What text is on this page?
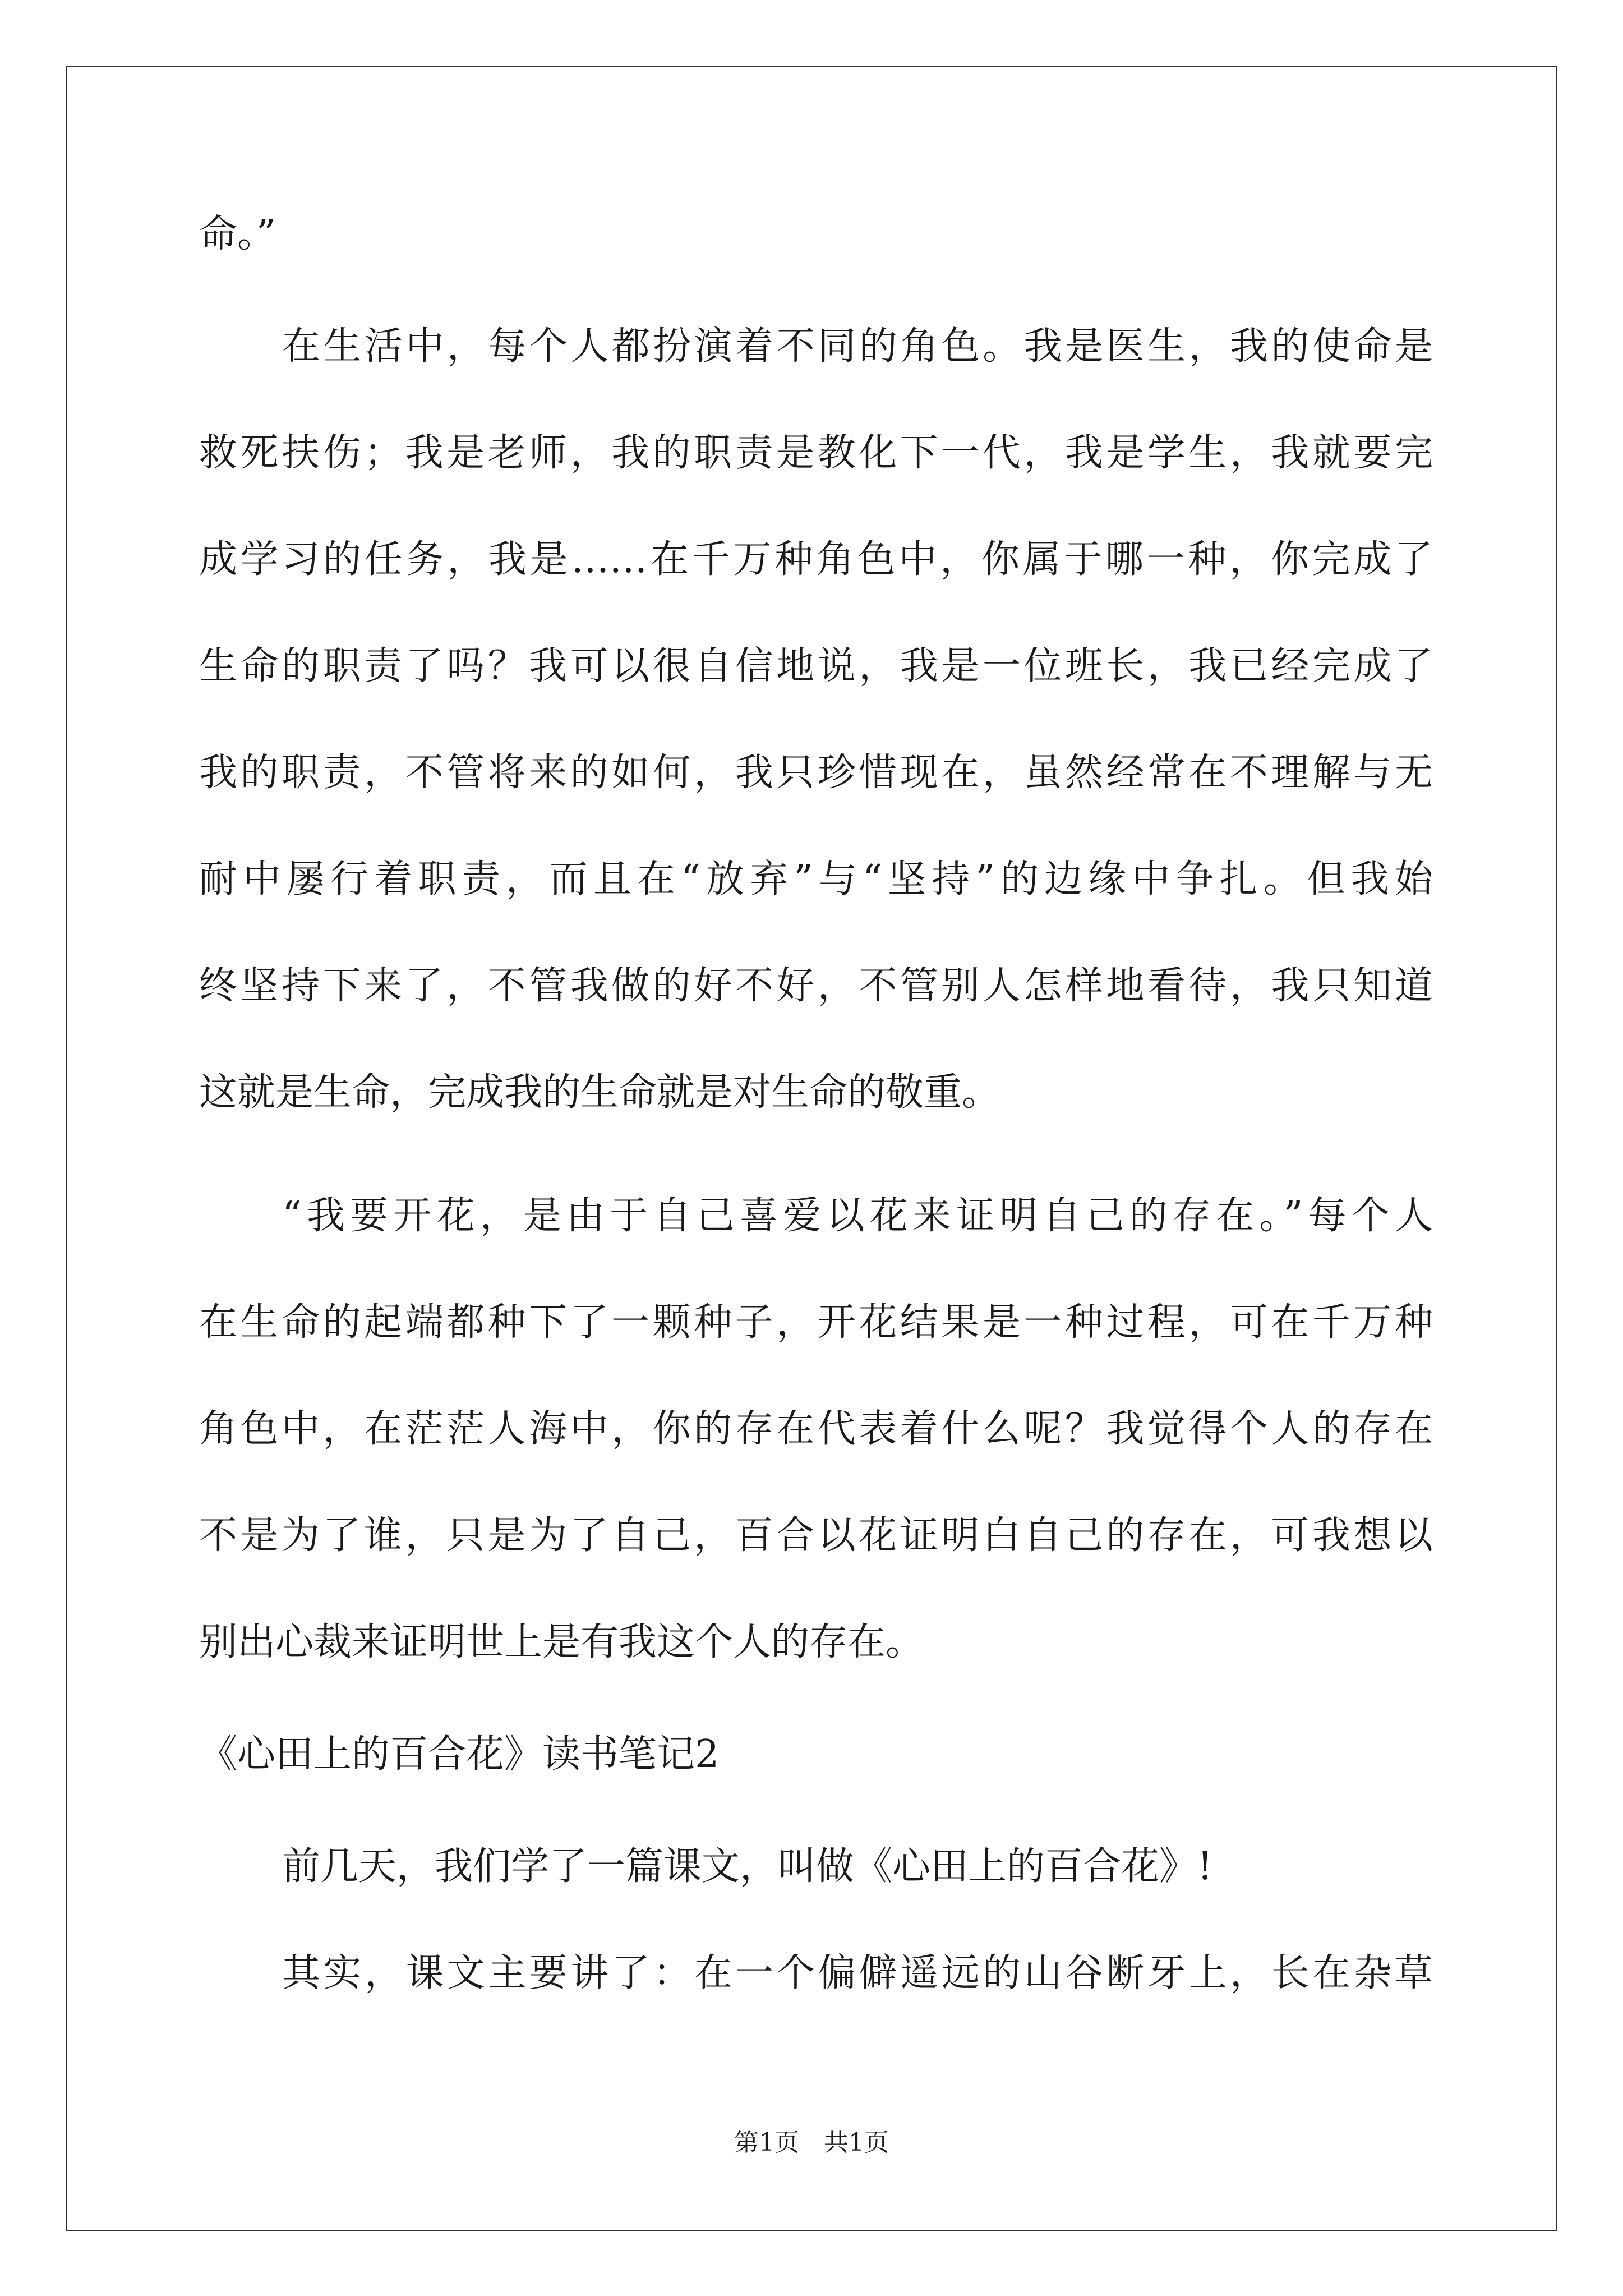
命。”
在生活中，每个人都扮演着不同的角色。我是医生，我的使命是
救死扶伤；我是老师，我的职责是教化下一代，我是学生，我就要完
成学习的任务，我是……在千万种角色中，你属于哪一种，你完成了
生命的职责了吗？我可以很自信地说，我是一位班长，我已经完成了
我的职责，不管将来的如何，我只珍惜现在，虽然经常在不理解与无
耐中屡行着职责，而且在“放弃”与“坚持”的边缘中争扎。但我始
终坚持下来了，不管我做的好不好，不管别人怎样地看待，我只知道
这就是生命，完成我的生命就是对生命的敬重。
“我要开花，是由于自己喜爱以花来证明自己的存在。”每个人
在生命的起端都种下了一颗种子，开花结果是一种过程，可在千万种
角色中，在茫茫人海中，你的存在代表着什么呢？我觉得个人的存在
不是为了谁，只是为了自己，百合以花证明白自己的存在，可我想以
别出心裁来证明世上是有我这个人的存在。
《心田上的百合花》读书笔记2
前几天，我们学了一篇课文，叫做《心田上的百合花》!
其实，课文主要讲了：在一个偏僻遥远的山谷断牙上，长在杂草
第1页　共1页
